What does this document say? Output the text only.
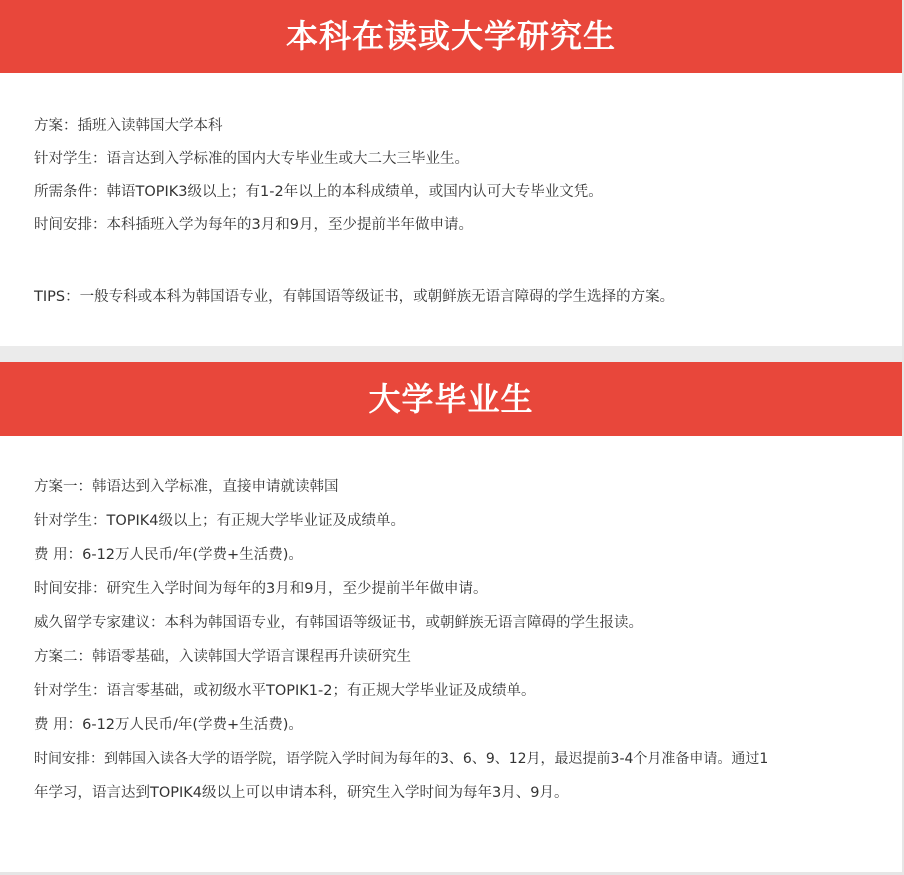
本科在读或大学研究生
方案：插班入读韩国大学本科
针对学生：语言达到入学标准的国内大专毕业生或大二大三毕业生。
所需条件：韩语TOPIK3级以上；有1-2年以上的本科成绩单，或国内认可大专毕业文凭。
时间安排：本科插班入学为每年的3月和9月，至少提前半年做申请。
TIPS：一般专科或本科为韩国语专业，有韩国语等级证书，或朝鲜族无语言障碍的学生选择的方案。
大学毕业生
方案一：韩语达到入学标准，直接申请就读韩国
针对学生：TOPIK4级以上；有正规大学毕业证及成绩单。
费 用：6-12万人民币/年(学费+生活费)。
时间安排：研究生入学时间为每年的3月和9月，至少提前半年做申请。
威久留学专家建议：本科为韩国语专业，有韩国语等级证书，或朝鲜族无语言障碍的学生报读。
方案二：韩语零基础，入读韩国大学语言课程再升读研究生
针对学生：语言零基础，或初级水平TOPIK1-2；有正规大学毕业证及成绩单。
费 用：6-12万人民币/年(学费+生活费)。
时间安排：到韩国入读各大学的语学院，语学院入学时间为每年的3、6、9、12月，最迟提前3-4个月准备申请。通过1
年学习，语言达到TOPIK4级以上可以申请本科，研究生入学时间为每年3月、9月。
